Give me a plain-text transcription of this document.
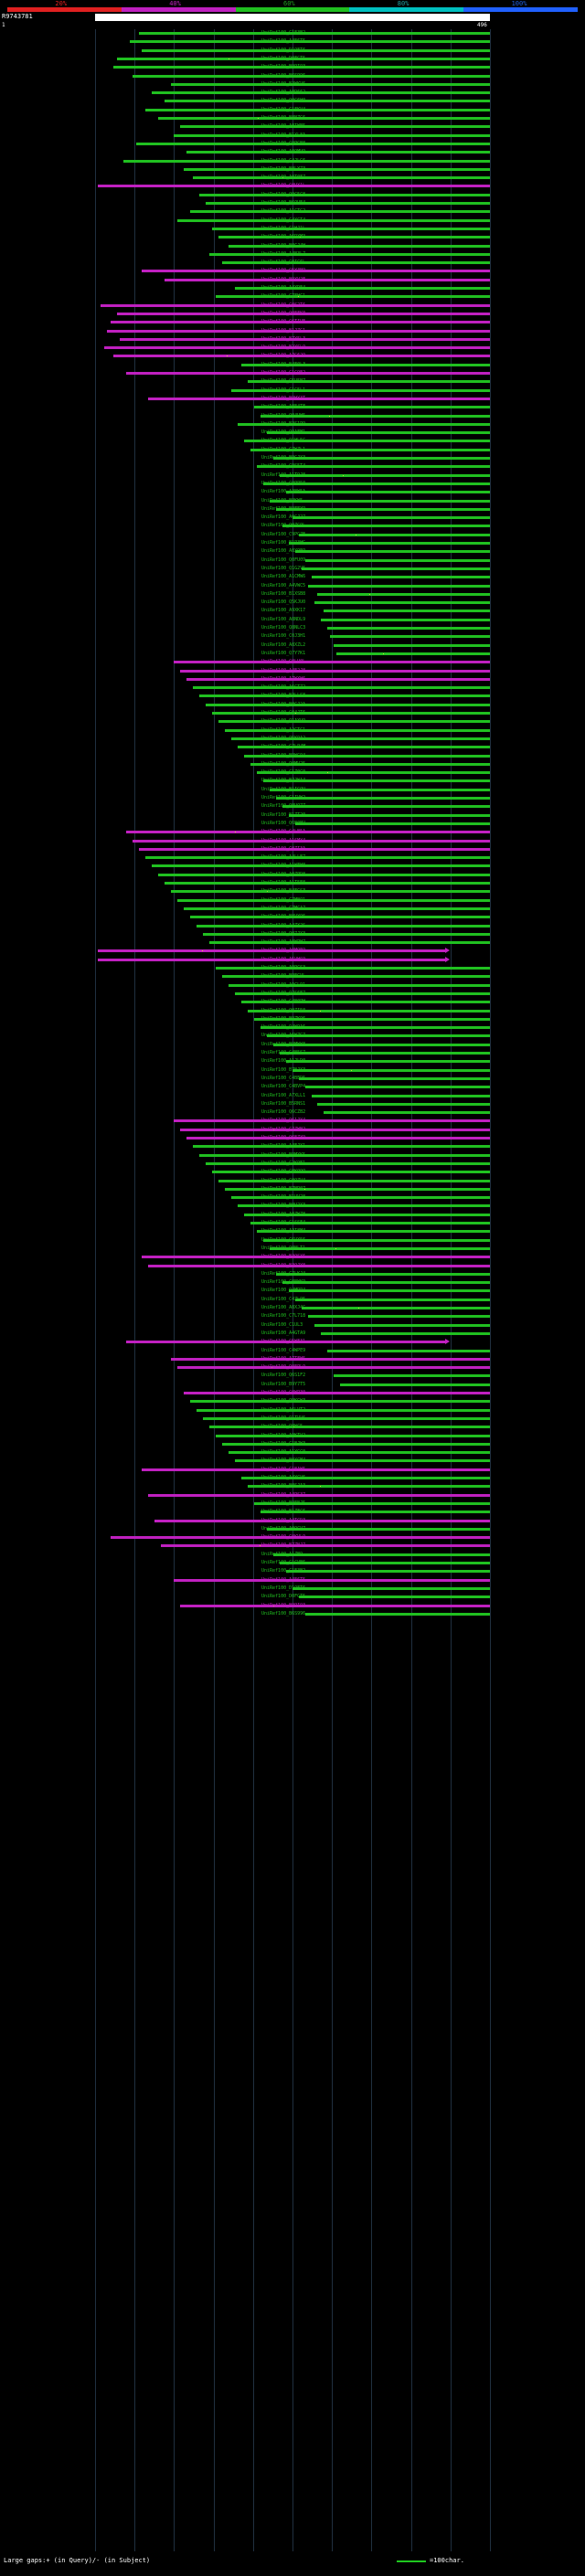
20%	40%	60%	80%	100%
R9743781
1	496
UniRef100_C1E3B2
UniRef100_A4E6T5
UniRef100_D1QFT6
UniRef100_D0FGT5
UniRef100_B9PI93
UniRef100_B6S996
UniRef100_B3WKV6
UniRef100_A8R662
UniRef100_Q0C6H0
UniRef100_C1FKV4
UniRef100_B8NZG6
UniRef100_A8IWB5
UniRef100_B1XL8A
UniRef100_C9PGB8
UniRef100_A8QMV9
UniRef100_C4JLG6
UniRef100_B8LY73
UniRef100_A0T0FZ
UniRef100_C0UX1L
UniRef100_Q9C5C8
UniRef100_B6QUE4
UniRef100_A1CTG2
UniRef100_C4XCT4
UniRef100_C1HJ1L
UniRef100_A6RXM3
UniRef100_B0CJ4H
UniRef100_A4B3L7
UniRef100_C0IC6L
UniRef100_C5Y3N9
UniRef100_B9XV2F
UniRef100_A4XDE4
UniRef100_C7FHC1
UniRef100_C0S2T6
UniRef100_Q0EFK0
UniRef100_C6TIUE
UniRef100_B1JZG1
UniRef100_B7Y5L3
UniRef100_B2YSL9
UniRef100_A7G629
UniRef100_B4F0L3
UniRef100_C1G9E2
UniRef100_C5U5N7
UniRef100_C1G5L1
UniRef100_B9HY3T
UniRef100_A8E4TF
UniRef100_Q04UH5
UniRef100_B3S1P9
UniRef100_Q9AFM1
UniRef100_Q1HL5C
UniRef100_C7WZL1
UniRef100_B9GJX3
UniRef100_C9S5T4
UniRef100_A1T9J8
UniRef100_C9PP50
UniRef100_A3BW5A
UniRef100_B9KW5
UniRef100_B9FEY9
UniRef100_A0CJ27
UniRef100_Q0ZG9L
UniRef100_C9PG7E
UniRef100_B1P3HG
UniRef100_A8X9E9
UniRef100_Q0FU09
UniRef100_Q1G2V5
UniRef100_A1CMW6
UniRef100_A4VWC5
UniRef100_B1XSB8
UniRef100_Q5KJU0
UniRef100_A9XK17
UniRef100_A8NDL9
UniRef100_Q8NLC3
UniRef100_C0J3H1
UniRef100_A8XZL2
UniRef100_Q7Y7K1
UniRef100_C0LU0L
UniRef100_A4E2J8
UniRef100_A7WXH6
UniRef100_A6CT72
UniRef100_B3LLS8
UniRef100_B0CJ2A
UniRef100_C04JT6
UniRef100_Q1AXU9
UniRef100_A2CTC1
UniRef100_Q5K9A2
UniRef100_C7LP4M
UniRef100_B9WG94
UniRef100_Q0MV25
UniRef100_C1Z0C0
UniRef100_B7JWA4
UniRef100_B1IGQU
UniRef100_C1IVW2
UniRef100_Q8UQ7Z
UniRef100_B1ZT20
UniRef100_Q6B0BV
UniRef100_C4LB5A
UniRef100_A1SMY4
UniRef100_C0ZI3A
UniRef100_A4LLE7
UniRef100_A1WFH8
UniRef100_A0ZPD8
UniRef100_A1T5E8
UniRef100_B4FGS3
UniRef100_C7MBQ1
UniRef100_C7MCA7
UniRef100_B8VY96
UniRef100_A4ZX2S
UniRef100_Q07JX3
UniRef100_A8WPH7
UniRef100_A0MQE9
UniRef100_A5VHS9
UniRef100_A9PCS3
UniRef100_B9EGVL
UniRef100_A9CL91
UniRef100_Q7S6E7
UniRef100_C4B0PH
UniRef100_Q0ZI50
UniRef100_B9ZK96
UniRef100_Q4W9A6
UniRef100_A6W7G7
UniRef100_B9MWW8
UniRef100_C4B5S7
UniRef100_A1JLD0
UniRef100_B7BJX3
UniRef100_C4BED5
UniRef100_C4BVP4
UniRef100_A7XLL1
UniRef100_B5RNS1
UniRef100_Q6CZB2
UniRef100_Q61JY4
UniRef100_C7ZWN2
UniRef100_Q6EZX9
UniRef100_A4FJX1
UniRef100_B9MXK5
UniRef100_C2K9E1
UniRef100_C8KQ9Q
UniRef100_C0QZV4
UniRef100_B7NR07
UniRef100_B1UV28
UniRef100_B0U2X3
UniRef100_A8ZWZ8
UniRef100_C1SSF4
UniRef100_A3I8M4
UniRef100_C6VX56
UniRef100_Q0NLT1
UniRef100_B3QSX6
UniRef100_B3QJY8
UniRef100_C7LKJ4
UniRef100_C0BWK9
UniRef100_Q4MRP4
UniRef100_C4ZL95
UniRef100_A8XJ4C
UniRef100_C7L718
UniRef100_C1UL3
UniRef100_A4GTA9
UniRef100_C5WF31
UniRef100_C4WPE9
UniRef100_A7TFH5
UniRef100_Q0EPL9
UniRef100_Q6S1F2
UniRef100_B9Y7T5
UniRef100_C0WP30
UniRef100_Q9KGW3
UniRef100_A6LVT2
UniRef100_Q1TVV6
UniRef100_Q8WC5
UniRef100_A9KTV2
UniRef100_C1BJW3
UniRef100_A1YGC0
UniRef100_B0XCM4
UniRef100_C1BAW5
UniRef100_A4YCV6
UniRef100_B0SJA3
UniRef100_A4PS37
UniRef100_B9EBJ5
UniRef100_B1ZFC6
UniRef100_A4TCD3
UniRef100_A0QCV7
UniRef100_C0KVL9
UniRef100_B7ZNJ7
UniRef100_A1ZB9
UniRef100_C1CVB6
UniRef100_C1E3B2
UniRef100_A4E6T5
UniRef100_D1QFT6
UniRef100_D0FGT5
UniRef100_B9PI93
UniRef100_B6S996
Large gaps:+ (in Query)/- (in Subject)	=100char.
